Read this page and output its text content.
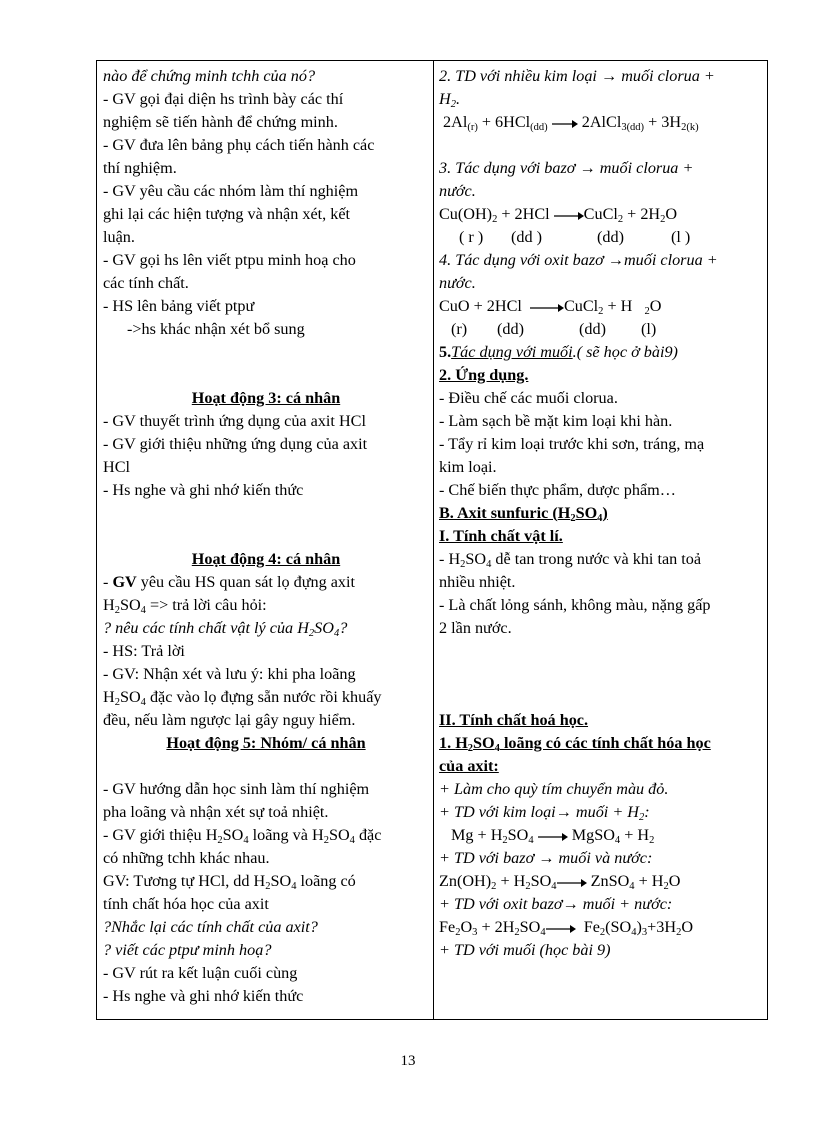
nào để chứng minh tchh của nó?
- GV gọi đại diện hs trình bày các thí
nghiệm sẽ tiến hành để chứng minh.
- GV đưa lên bảng phụ cách tiến hành các
thí nghiệm.
- GV yêu cầu các nhóm làm thí nghiệm
ghi lại các hiện tượng và nhận xét, kết
luận.
- GV gọi hs lên viết ptpu minh hoạ cho
các tính chất.
- HS lên bảng viết ptpư
->hs khác nhận xét bổ sung
Hoạt động 3: cá nhân
- GV thuyết trình ứng dụng của axit HCl
- GV giới thiệu những ứng dụng của axit
HCl
- Hs nghe và ghi nhớ kiến thức
Hoạt động 4: cá nhân
- GV yêu cầu HS quan sát lọ đựng axit
$H_2SO_4$ => trả lời câu hỏi:
? nêu các tính chất vật lý của $H_2SO_4$?
- HS: Trả lời
- GV: Nhận xét và lưu ý: khi pha loãng
$H_2SO_4$ đặc vào lọ đựng sẵn nước rồi khuấy
đều, nếu làm ngược lại gây nguy hiểm.
Hoạt động 5: Nhóm/ cá nhân
- GV hướng dẫn học sinh làm thí nghiệm
pha loãng và nhận xét sự toả nhiệt.
- GV giới thiệu $H_2SO_4$ loãng và $H_2SO_4$ đặc
có những tchh khác nhau.
GV: Tương tự HCl, dd $H_2SO_4$ loãng có
tính chất hóa học của axit
?Nhắc lại các tính chất của axit?
? viết các ptpư minh hoạ?
- GV rút ra kết luận cuối cùng
- Hs nghe và ghi nhớ kiến thức
2. TD với nhiều kim loại → muối clorua +
$H_2$.
$2Al_{(r)} + 6HCl_{(dd)}$ → 2AlCl$_{3(dd)}$ + $3H_{2(k)}$
3. Tác dụng với bazơ → muối clorua +
nước.
$Cu(OH)_2 + 2HCl$ →CuCl$_2$ + $2H_2O$
( r ) (dd )	(dd)	(l )
4. Tác dụng với oxit bazơ →muối clorua +
nước.
CuO + 2HCl →CuCl$_2$ + H $_2$O
(r) (dd)	(dd) (l)
5.Tác dụng với muối.( sẽ học ở bài9)
2. Ứng dụng.
- Điều chế các muối clorua.
- Làm sạch bề mặt kim loại khi hàn.
- Tẩy rỉ kim loại trước khi sơn, tráng, mạ
kim loại.
- Chế biến thực phẩm, dược phẩm…
B. Axit sunfuric $(H_2SO_4)$
I. Tính chất vật lí.
- $H_2SO_4$ dễ tan trong nước và khi tan toả
nhiều nhiệt.
- Là chất lỏng sánh, không màu, nặng gấp
2 lần nước.
II. Tính chất hoá học.
1. $H_2SO_4$ loãng có các tính chất hóa học
của axit:
+ Làm cho quỳ tím chuyển màu đỏ.
+ TD với kim loại→ muối + $H_2$:
$Mg + H_2SO_4$ → MgSO$_4$ + $H_2$
+ TD với bazơ → muối và nước:
$Zn(OH)_2 + H_2SO_4\to$ ZnSO$_4$ + $H_2O$
+ TD với oxit bazơ→ muối + nước:
$Fe_2O_3 + 2H_2SO_4\to Fe_2(SO_4)_3+3H_2O$
+ TD với muối (học bài 9)
13
